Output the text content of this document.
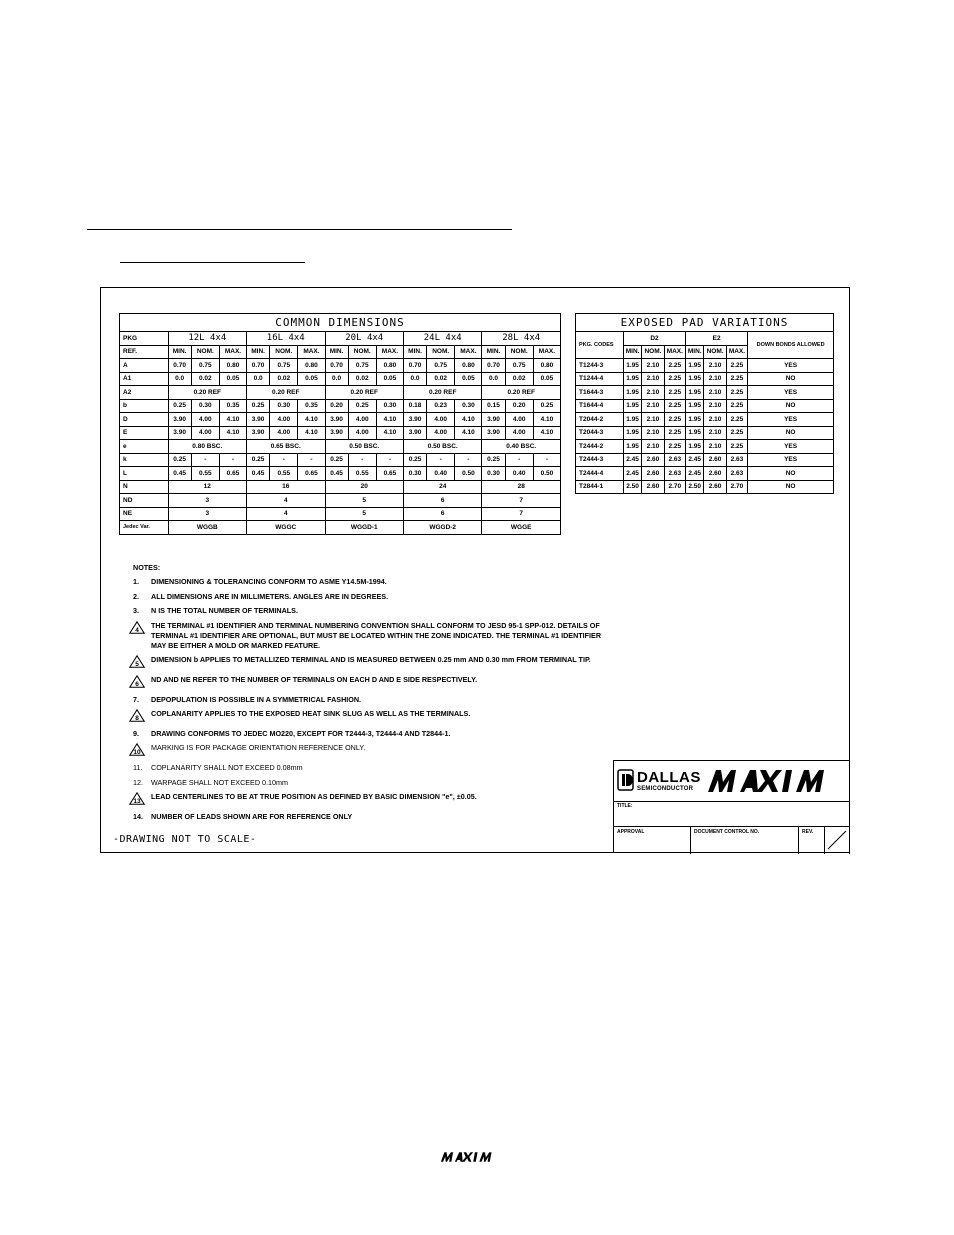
COMMON DIMENSIONS															
PKG	12L 4x4			16L 4x4			20L 4x4			24L 4x4			28L 4x4		
REF.	MIN.	NOM.	MAX.	MIN.	NOM.	MAX.	MIN.	NOM.	MAX.	MIN.	NOM.	MAX.	MIN.	NOM.	MAX.
A	0.70	0.75	0.80	0.70	0.75	0.80	0.70	0.75	0.80	0.70	0.75	0.80	0.70	0.75	0.80
A1	0.0	0.02	0.05	0.0	0.02	0.05	0.0	0.02	0.05	0.0	0.02	0.05	0.0	0.02	0.05
A2	0.20 REF			0.20 REF			0.20 REF			0.20 REF			0.20 REF		
b	0.25	0.30	0.35	0.25	0.30	0.35	0.20	0.25	0.30	0.18	0.23	0.30	0.15	0.20	0.25
D	3.90	4.00	4.10	3.90	4.00	4.10	3.90	4.00	4.10	3.90	4.00	4.10	3.90	4.00	4.10
E	3.90	4.00	4.10	3.90	4.00	4.10	3.90	4.00	4.10	3.90	4.00	4.10	3.90	4.00	4.10
e	0.80 BSC.			0.65 BSC.			0.50 BSC.			0.50 BSC.			0.40 BSC.		
k	0.25	-	-	0.25	-	-	0.25	-	-	0.25	-	-	0.25	-	-
L	0.45	0.55	0.65	0.45	0.55	0.65	0.45	0.55	0.65	0.30	0.40	0.50	0.30	0.40	0.50
N	12			16			20			24			28		
ND	3			4			5			6			7		
NE	3			4			5			6			7		
Jedec Var.	WGGB			WGGC			WGGD-1			WGGD-2			WGGE		
EXPOSED PAD VARIATIONS							
PKG. CODES	D2			E2			DOWN BONDS ALLOWED
	MIN.	NOM.	MAX.	MIN.	NOM.	MAX.	
T1244-3	1.95	2.10	2.25	1.95	2.10	2.25	YES
T1244-4	1.95	2.10	2.25	1.95	2.10	2.25	NO
T1644-3	1.95	2.10	2.25	1.95	2.10	2.25	YES
T1644-4	1.95	2.10	2.25	1.95	2.10	2.25	NO
T2044-2	1.95	2.10	2.25	1.95	2.10	2.25	YES
T2044-3	1.95	2.10	2.25	1.95	2.10	2.25	NO
T2444-2	1.95	2.10	2.25	1.95	2.10	2.25	YES
T2444-3	2.45	2.60	2.63	2.45	2.60	2.63	YES
T2444-4	2.45	2.60	2.63	2.45	2.60	2.63	NO
T2844-1	2.50	2.60	2.70	2.50	2.60	2.70	NO
NOTES:
1.	DIMENSIONING & TOLERANCING CONFORM TO ASME Y14.5M-1994.
2.	ALL DIMENSIONS ARE IN MILLIMETERS. ANGLES ARE IN DEGREES.
3.	N IS THE TOTAL NUMBER OF TERMINALS.
4
THE TERMINAL #1 IDENTIFIER AND TERMINAL NUMBERING CONVENTION SHALL CONFORM TO JESD 95-1 SPP-012. DETAILS OF TERMINAL #1 IDENTIFIER ARE OPTIONAL, BUT MUST BE LOCATED WITHIN THE ZONE INDICATED. THE TERMINAL #1 IDENTIFIER MAY BE EITHER A MOLD OR MARKED FEATURE.
5
DIMENSION b APPLIES TO METALLIZED TERMINAL AND IS MEASURED BETWEEN 0.25 mm AND 0.30 mm FROM TERMINAL TIP.
6
ND AND NE REFER TO THE NUMBER OF TERMINALS ON EACH D AND E SIDE RESPECTIVELY.
7.	DEPOPULATION IS POSSIBLE IN A SYMMETRICAL FASHION.
8
COPLANARITY APPLIES TO THE EXPOSED HEAT SINK SLUG AS WELL AS THE TERMINALS.
9.	DRAWING CONFORMS TO JEDEC MO220, EXCEPT FOR T2444-3, T2444-4 AND T2844-1.
10
MARKING IS FOR PACKAGE ORIENTATION REFERENCE ONLY.
11.	COPLANARITY SHALL NOT EXCEED 0.08mm
12.	WARPAGE SHALL NOT EXCEED 0.10mm
13
LEAD CENTERLINES TO BE AT TRUE POSITION AS DEFINED BY BASIC DIMENSION "e", ±0.05.
14.	NUMBER OF LEADS SHOWN ARE FOR REFERENCE ONLY
-DRAWING NOT TO SCALE-
DALLAS
SEMICONDUCTOR
TITLE:
APPROVAL	DOCUMENT CONTROL NO.	REV.
